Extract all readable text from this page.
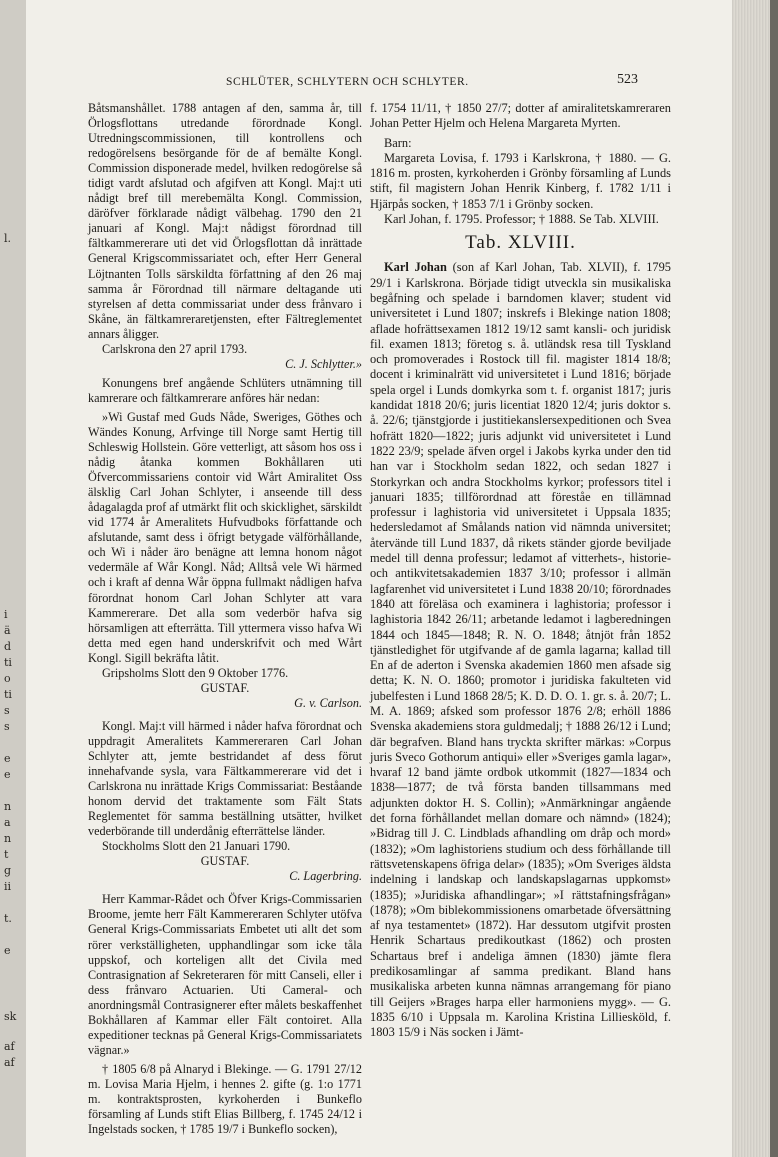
l.
i
ä
d
ti
o
ti
s
s
e
e
n
a
n
t
g
ii
t.
e
sk
af
af
SCHLÜTER, SCHLYTERN OCH SCHLYTER.	523

Båtsmanshållet. 1788 antagen af den, samma år, till Örlogsflottans utredande förordnade Kongl. Utredningscommissionen, till kontrollens och redogörelsens besörgande för de af bemälte Kongl. Commission disponerade medel, hvilken redogörelse så tidigt vardt afslutad och afgifven att Kongl. Maj:t uti nådigt bref till merebemälta Kongl. Commission, däröfver förklarade nådigt välbehag. 1790 den 21 januari af Kongl. Maj:t nådigst förordnad till fältkammererare uti det vid Örlogsflottan då inrättade General Krigscommissariatet och, efter Herr General Löjtnanten Tolls särskildta författning af den 26 maj samma år Förordnad till närmare deltagande uti styrelsen af detta commissariat under dess frånvaro i Skåne, än fältkamreraretjensten, efter Fältreglementet annars åligger.

Carlskrona den 27 april 1793.

C. J. Schlytter.»

Konungens bref angående Schlüters utnämning till kamrerare och fältkamrerare anföres här nedan:

»Wi Gustaf med Guds Nåde, Sweriges, Göthes och Wändes Konung, Arfvinge till Norge samt Hertig till Schleswig Hollstein. Göre vetterligt, att såsom hos oss i nådig åtanka kommen Bokhållaren uti Öfvercommissariens contoir vid Wårt Amiralitet Oss älsklig Carl Johan Schlyter, i anseende till dess ådagalagda prof af utmärkt flit och skicklighet, särskildt vid 1774 år Ameralitets Hufvudboks författande och afslutande, samt dess i öfrigt betygade välförhållande, och Wi i nåder äro benägne att lemna honom något vedermäle af Wår Kongl. Nåd; Alltså vele Wi härmed och i kraft af denna Wår öppna fullmakt nådligen hafva förordnat honom Carl Johan Schlyter att vara Kammererare. Det alla som vederbör hafva sig hörsamligen att efterrätta. Till yttermera visso hafva Wi detta med egen hand underskrifvit och med Wårt Kongl. Sigill bekräfta låtit.

Gripsholms Slott den 9 Oktober 1776.

GUSTAF.

G. v. Carlson.

Kongl. Maj:t vill härmed i nåder hafva förordnat och uppdragit Ameralitets Kammereraren Carl Johan Schlyter att, jemte bestridandet af dess förut innehafvande sysla, vara Fältkammererare vid det i Carlskrona nu inrättade Krigs Commissariat: Beståande honom dervid det traktamente som Fält Stats Reglementet för samma beställning utsätter, hvilket vederbörande till underdånig efterrättelse länder.

Stockholms Slott den 21 Januari 1790.

GUSTAF.

C. Lagerbring.

Herr Kammar-Rådet och Öfver Krigs-Commissarien Broome, jemte herr Fält Kammereraren Schlyter utöfva General Krigs-Commissariats Embetet uti allt det som rörer verkställigheten, upphandlingar som icke tåla uppskof, och korteligen allt det Civila med Contrasignation af Sekreteraren för mitt Canseli, eller i dess frånvaro Actuarien. Uti Cameral- och anordningsmål Contrasignerer efter målets beskaffenhet Bokhållaren af Kammar eller Fält contoiret. Alla expeditioner tecknas på General Krigs-Commissariatets vägnar.»

† 1805 6/8 på Alnaryd i Blekinge. — G. 1791 27/12 m. Lovisa Maria Hjelm, i hennes 2. gifte (g. 1:o 1771 m. kontraktsprosten, kyrkoherden i Bunkeflo församling af Lunds stift Elias Billberg, f. 1745 24/12 i Ingelstads socken, † 1785 19/7 i Bunkeflo socken),

f. 1754 11/11, † 1850 27/7; dotter af amiralitetskamreraren Johan Petter Hjelm och Helena Margareta Myrten.

Barn:

Margareta Lovisa, f. 1793 i Karlskrona, † 1880. — G. 1816 m. prosten, kyrkoherden i Grönby församling af Lunds stift, fil magistern Johan Henrik Kinberg, f. 1782 1/11 i Hjärpås socken, † 1853 7/1 i Grönby socken.

Karl Johan, f. 1795. Professor; † 1888. Se Tab. XLVIII.

Tab. XLVIII.

Karl Johan (son af Karl Johan, Tab. XLVII), f. 1795 29/1 i Karlskrona. Började tidigt utveckla sin musikaliska begåfning och spelade i barndomen klaver; student vid universitetet i Lund 1807; inskrefs i Blekinge nation 1808; aflade hofrättsexamen 1812 19/12 samt kansli- och juridisk fil. examen 1813; företog s. å. utländsk resa till Tyskland och promoverades i Rostock till fil. magister 1814 18/8; docent i kriminalrätt vid universitetet i Lund 1816; började spela orgel i Lunds domkyrka som t. f. organist 1817; juris kandidat 1818 20/6; juris licentiat 1820 12/4; juris doktor s. å. 22/6; tjänstgjorde i justitiekanslersexpeditionen och Svea hofrätt 1820—1822; juris adjunkt vid universitetet i Lund 1822 23/9; spelade äfven orgel i Jakobs kyrka under den tid han var i Stockholm sedan 1822, och sedan 1827 i Storkyrkan och andra Stockholms kyrkor; professors titel i januari 1835; tillförordnad att föreståe en tillämnad professur i laghistoria vid universitetet i Uppsala 1835; hedersledamot af Smålands nation vid nämnda universitet; återvände till Lund 1837, då rikets ständer gjorde beviljade medel till denna professur; ledamot af vitterhets-, historie- och antikvitetsakademien 1837 3/10; professor i allmän lagfarenhet vid universitetet i Lund 1838 20/10; förordnades 1840 att föreläsa och examinera i laghistoria; professor i laghistoria 1842 26/11; arbetande ledamot i lagberedningen 1844 och 1845—1848; R. N. O. 1848; åtnjöt från 1852 tjänstledighet för utgifvande af de gamla lagarna; kallad till En af de aderton i Svenska akademien 1860 men afsade sig detta; K. N. O. 1860; promotor i juridiska fakulteten vid jubelfesten i Lund 1868 28/5; K. D. D. O. 1. gr. s. å. 20/7; L. M. A. 1869; afsked som professor 1876 2/8; erhöll 1886 Svenska akademiens stora guldmedalj; † 1888 26/12 i Lund; där begrafven. Bland hans tryckta skrifter märkas: »Corpus juris Sveco Gothorum antiqui» eller »Sveriges gamla lagar», hvaraf 12 band jämte ordbok utkommit (1827—1834 och 1838—1877; de två första banden tillsammans med adjunkten doktor H. S. Collin); »Anmärkningar angående det forna förhållandet mellan domare och nämnd» (1824); »Bidrag till J. C. Lindblads afhandling om dråp och mord» (1832); »Om laghistoriens studium och dess förhållande till rättsvetenskapens öfriga delar» (1835); »Om Sveriges äldsta indelning i landskap och landskapslagarnas uppkomst» (1835); »Juridiska afhandlingar»; »I rättstafningsfrågan» (1878); »Om biblekommissionens omarbetade öfversättning af nya testamentet» (1872). Har dessutom utgifvit prosten Henrik Schartaus predikoutkast (1862) och prosten Schartaus bref i andeliga ämnen (1830) jämte flera predikosamlingar af samma predikant. Bland hans musikaliska arbeten kunna nämnas arrangemang för piano till Geijers »Brages harpa eller harmoniens mygg». — G. 1835 6/10 i Uppsala m. Karolina Kristina Lilliesköld, f. 1803 15/9 i Näs socken i Jämt-
